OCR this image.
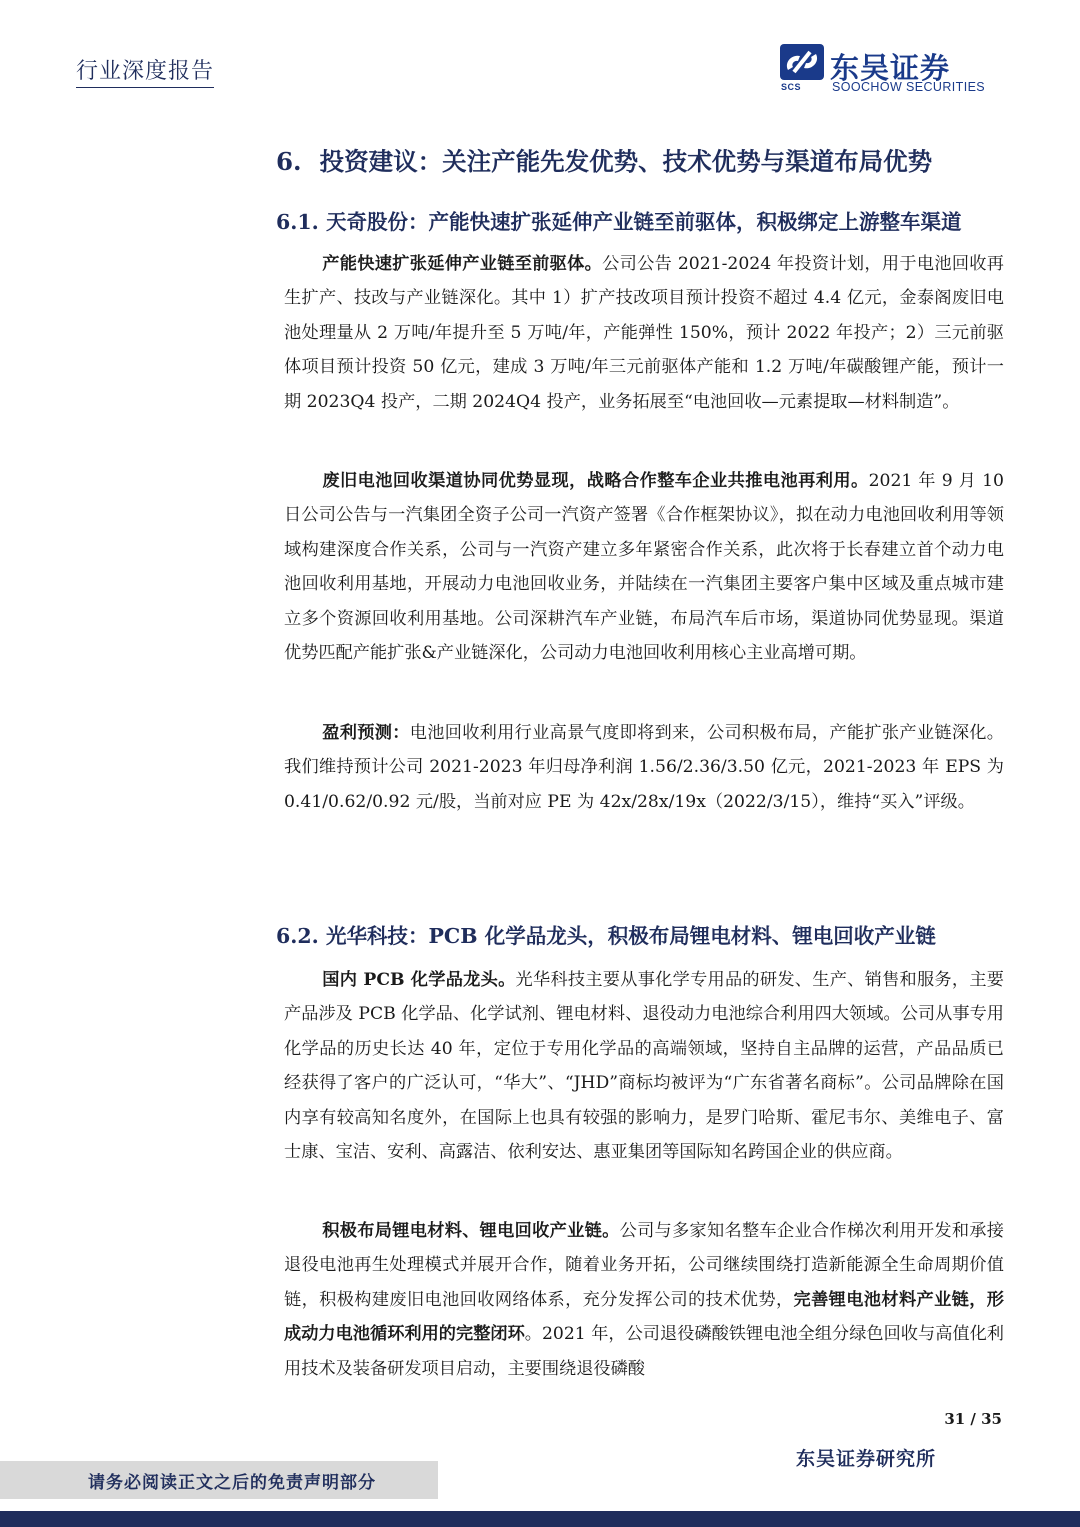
行业深度报告
SCS
东吴证券
SOOCHOW SECURITIES
6. 投资建议：关注产能先发优势、技术优势与渠道布局优势
6.1. 天奇股份：产能快速扩张延伸产业链至前驱体，积极绑定上游整车渠道
产能快速扩张延伸产业链至前驱体。公司公告 2021-2024 年投资计划，用于电池回收再生扩产、技改与产业链深化。其中 1）扩产技改项目预计投资不超过 4.4 亿元，金泰阁废旧电池处理量从 2 万吨/年提升至 5 万吨/年，产能弹性 150%，预计 2022 年投产；2）三元前驱体项目预计投资 50 亿元，建成 3 万吨/年三元前驱体产能和 1.2 万吨/年碳酸锂产能，预计一期 2023Q4 投产，二期 2024Q4 投产，业务拓展至“电池回收—元素提取—材料制造”。
废旧电池回收渠道协同优势显现，战略合作整车企业共推电池再利用。2021 年 9 月 10 日公司公告与一汽集团全资子公司一汽资产签署《合作框架协议》，拟在动力电池回收利用等领域构建深度合作关系，公司与一汽资产建立多年紧密合作关系，此次将于长春建立首个动力电池回收利用基地，开展动力电池回收业务，并陆续在一汽集团主要客户集中区域及重点城市建立多个资源回收利用基地。公司深耕汽车产业链，布局汽车后市场，渠道协同优势显现。渠道优势匹配产能扩张&产业链深化，公司动力电池回收利用核心主业高增可期。
盈利预测：电池回收利用行业高景气度即将到来，公司积极布局，产能扩张产业链深化。我们维持预计公司 2021-2023 年归母净利润 1.56/2.36/3.50 亿元，2021-2023 年 EPS 为 0.41/0.62/0.92 元/股，当前对应 PE 为 42x/28x/19x（2022/3/15），维持“买入”评级。
6.2. 光华科技：PCB 化学品龙头，积极布局锂电材料、锂电回收产业链
国内 PCB 化学品龙头。光华科技主要从事化学专用品的研发、生产、销售和服务，主要产品涉及 PCB 化学品、化学试剂、锂电材料、退役动力电池综合利用四大领域。公司从事专用化学品的历史长达 40 年，定位于专用化学品的高端领域，坚持自主品牌的运营，产品品质已经获得了客户的广泛认可，“华大”、“JHD”商标均被评为“广东省著名商标”。公司品牌除在国内享有较高知名度外，在国际上也具有较强的影响力，是罗门哈斯、霍尼韦尔、美维电子、富士康、宝洁、安利、高露洁、依利安达、惠亚集团等国际知名跨国企业的供应商。
积极布局锂电材料、锂电回收产业链。公司与多家知名整车企业合作梯次利用开发和承接退役电池再生处理模式并展开合作，随着业务开拓，公司继续围绕打造新能源全生命周期价值链，积极构建废旧电池回收网络体系，充分发挥公司的技术优势，完善锂电池材料产业链，形成动力电池循环利用的完整闭环。2021 年，公司退役磷酸铁锂电池全组分绿色回收与高值化利用技术及装备研发项目启动，主要围绕退役磷酸
31 / 35
东吴证券研究所
请务必阅读正文之后的免责声明部分
